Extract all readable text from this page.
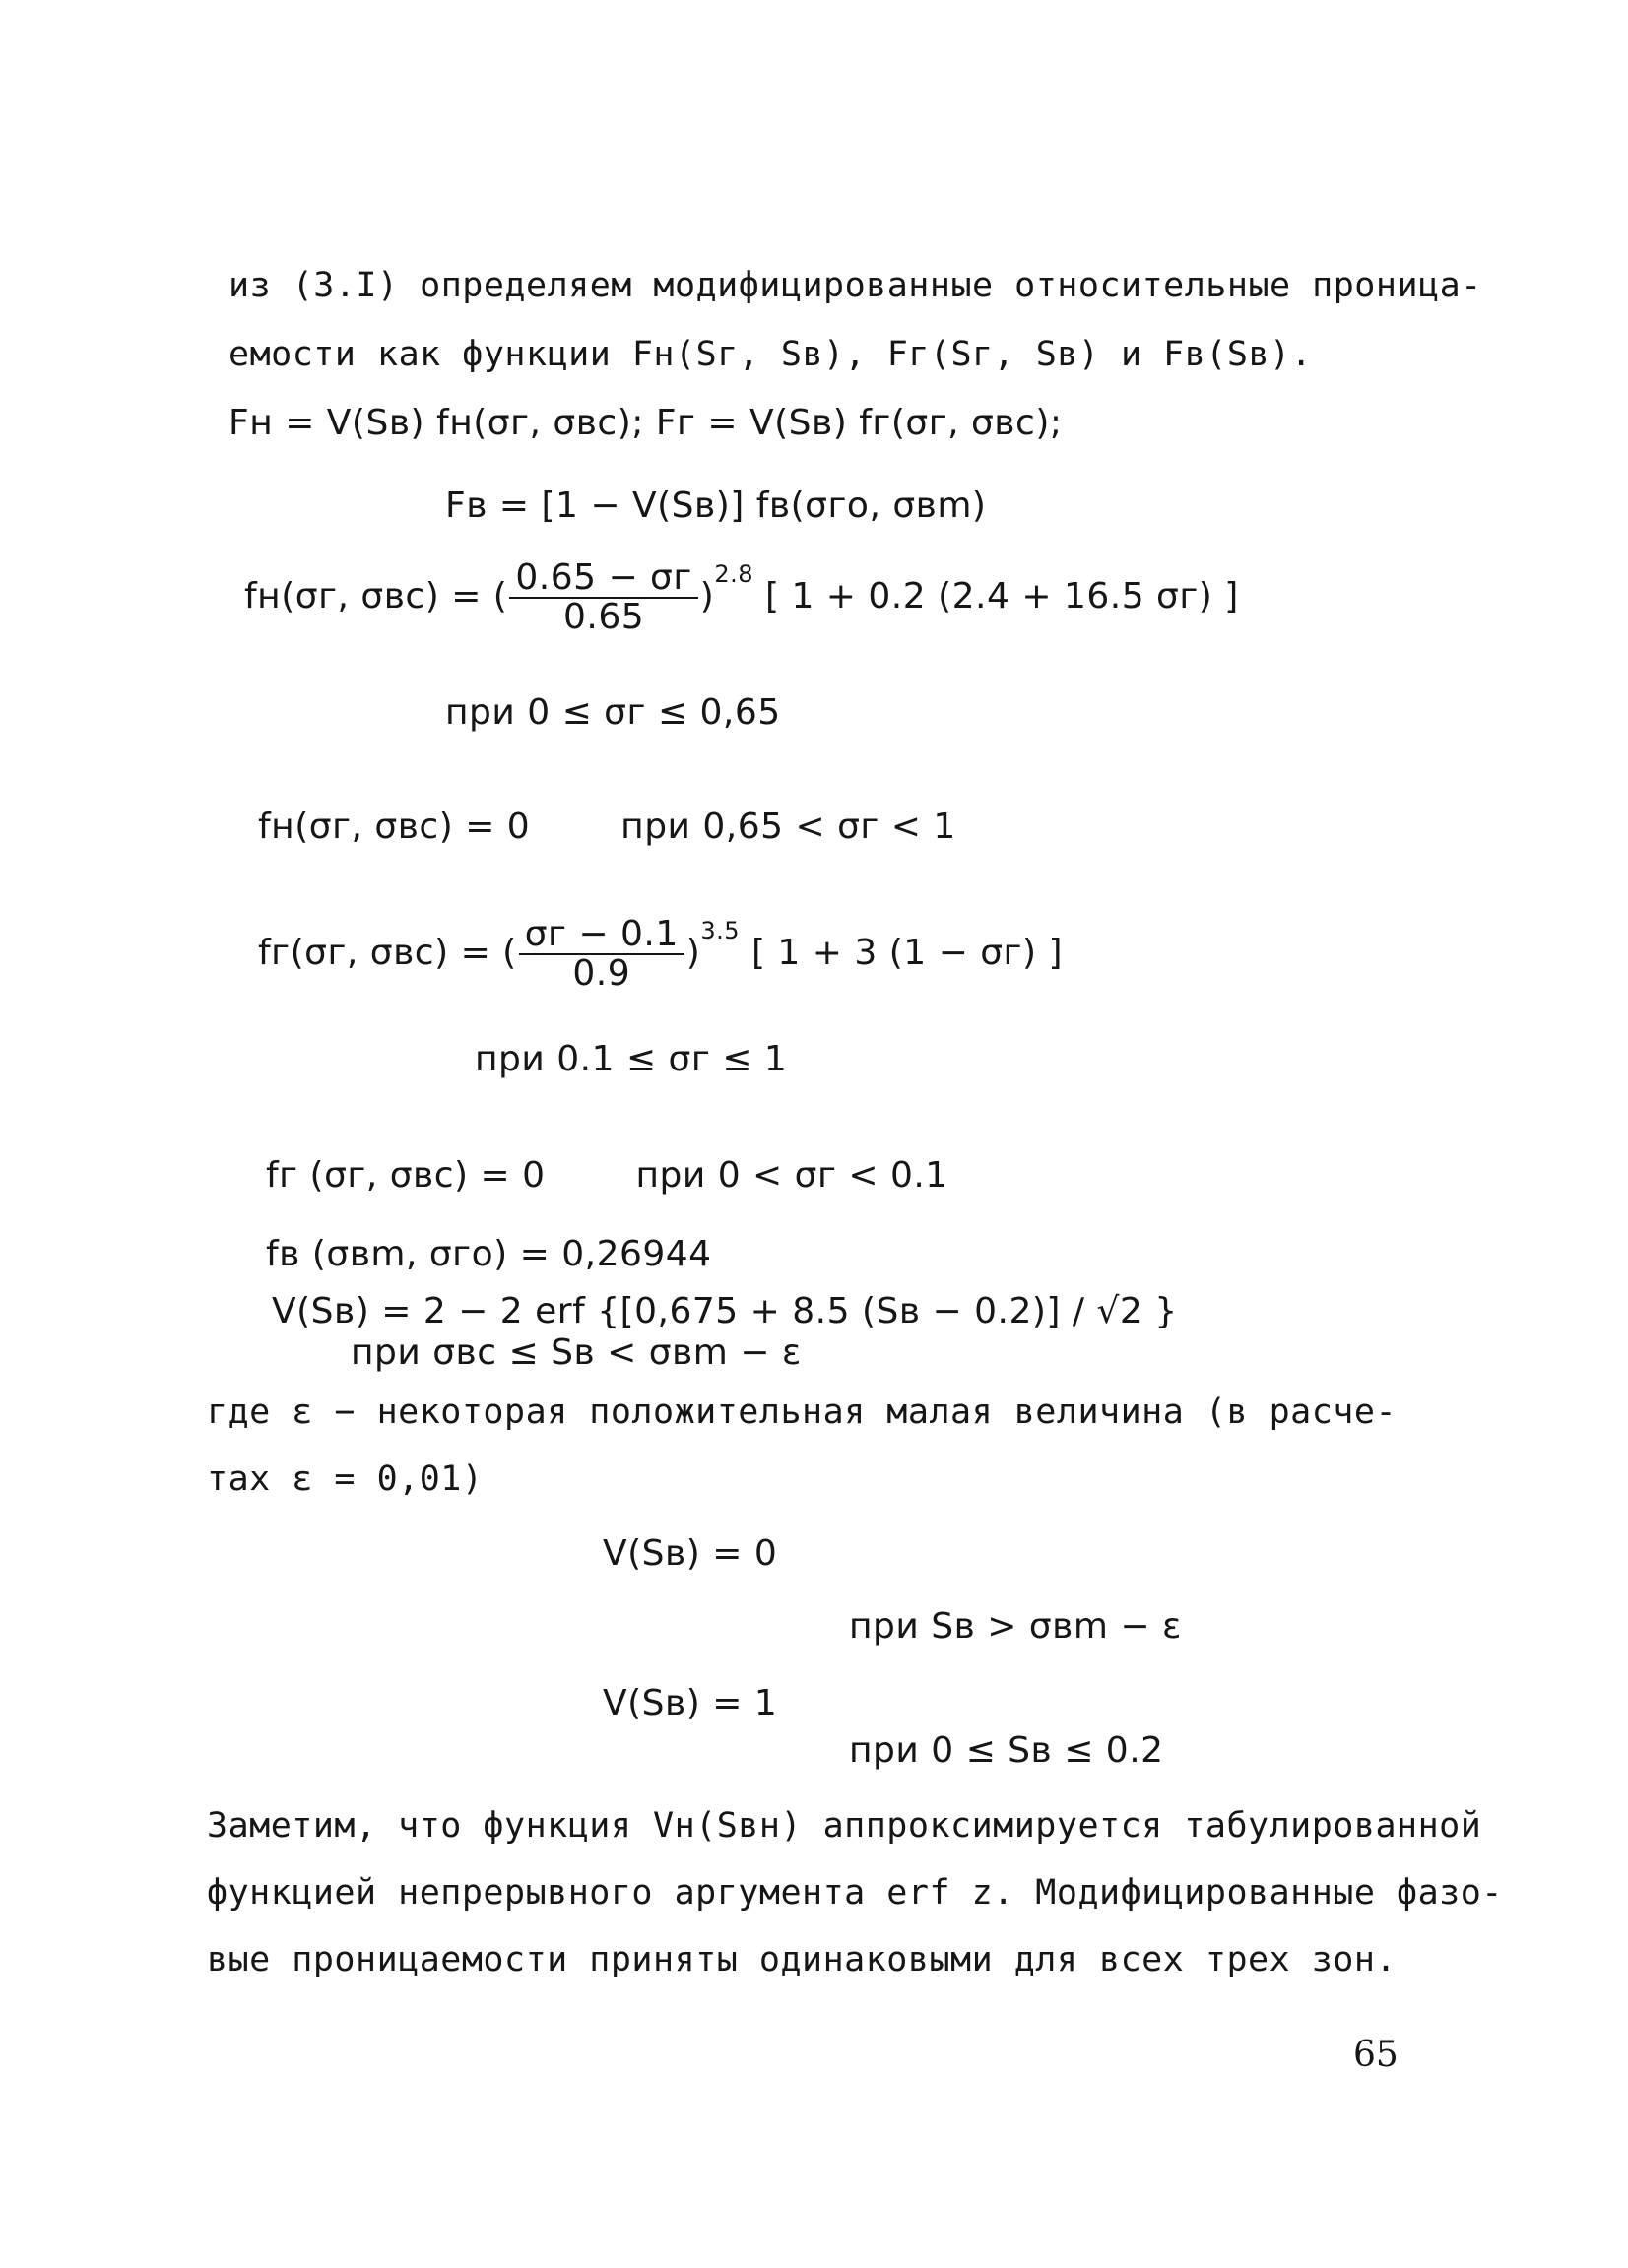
из (3.I) определяем модифицированные относительные проница-
емости как функции Fн(Sг, Sв), Fг(Sг, Sв) и Fв(Sв).
Fн = V(Sв) fн(σг, σвс); Fг = V(Sв) fг(σг, σвс);
Fв = [1 − V(Sв)] fв(σго, σвm)
fн(σг, σвс) = ( $\frac{0.65 - \sigma г}{0.65} )^{2.8}$ [ 1 + 0.2 (2.4 + 16.5 σг) ]
при 0 ≤ σг ≤ 0,65
fн(σг, σвс) = 0	при 0,65 < σг < 1
fг(σг, σвс) = ( $\frac{\sigma г - 0.1}{0.9} )^{3.5}$ [ 1 + 3 (1 − σг) ]
при 0.1 ≤ σг ≤ 1
fг (σг, σвс) = 0	при 0 < σг < 0.1
fв (σвm, σго) = 0,26944
V(Sв) = 2 − 2 erf {[0,675 + 8.5 (Sв − 0.2)] / √2 }
при σвс ≤ Sв < σвm − ε
где ε − некоторая положительная малая величина (в расче-
тах ε = 0,01)
V(Sв) = 0
при Sв > σвm − ε
V(Sв) = 1
при 0 ≤ Sв ≤ 0.2
Заметим, что функция Vн(Sвн) аппроксимируется табулированной
функцией непрерывного аргумента erf z. Модифицированные фазо-
вые проницаемости приняты одинаковыми для всех трех зон.
65
